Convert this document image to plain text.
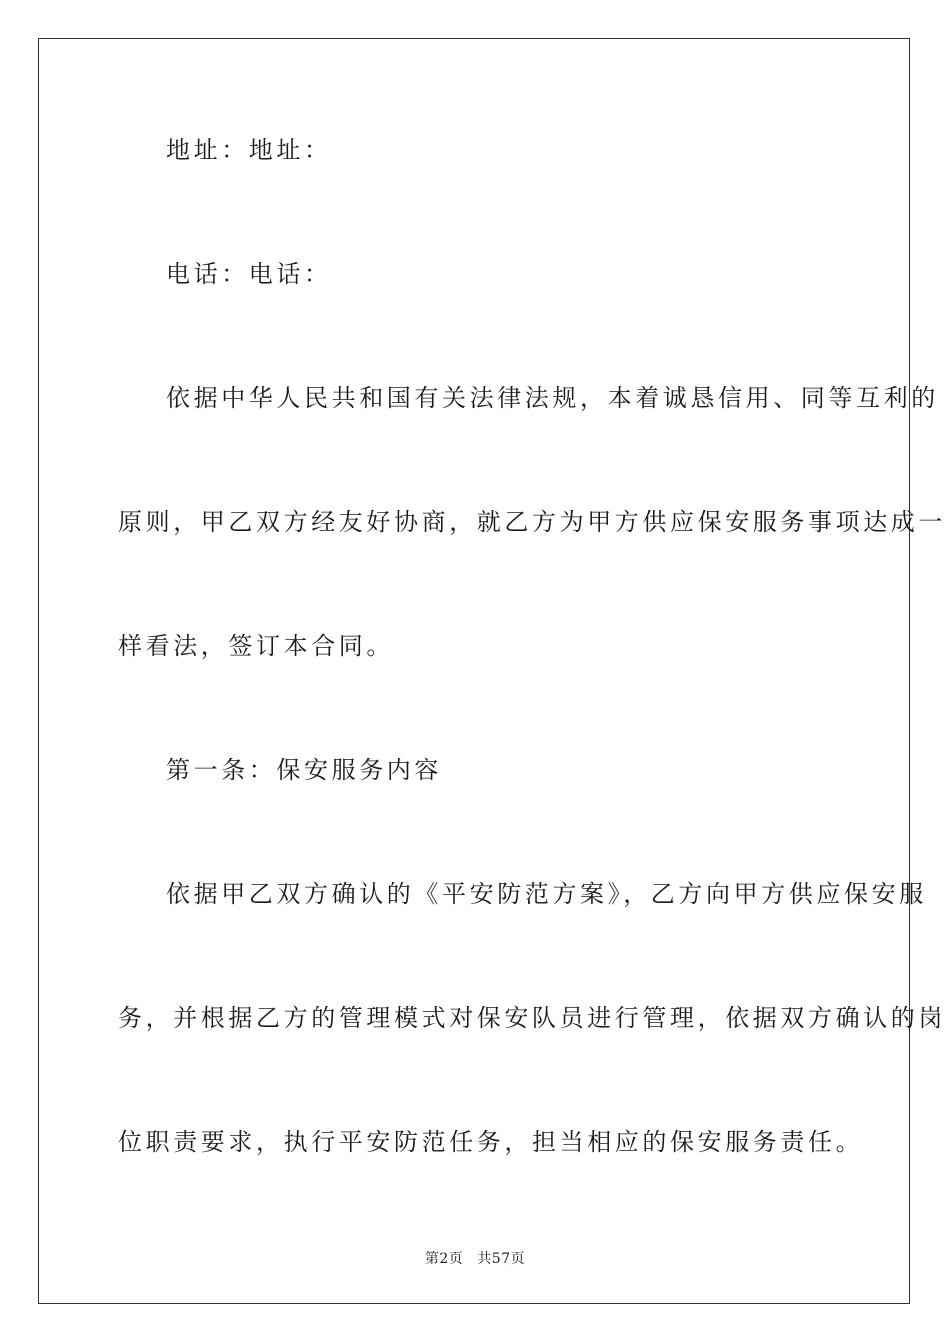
地址：地址：
电话：电话：
依据中华人民共和国有关法律法规，本着诚恳信用、同等互利的
原则，甲乙双方经友好协商，就乙方为甲方供应保安服务事项达成一
样看法，签订本合同。
第一条：保安服务内容
依据甲乙双方确认的《平安防范方案》，乙方向甲方供应保安服
务，并根据乙方的管理模式对保安队员进行管理，依据双方确认的岗
位职责要求，执行平安防范任务，担当相应的保安服务责任。
第2页 共57页
